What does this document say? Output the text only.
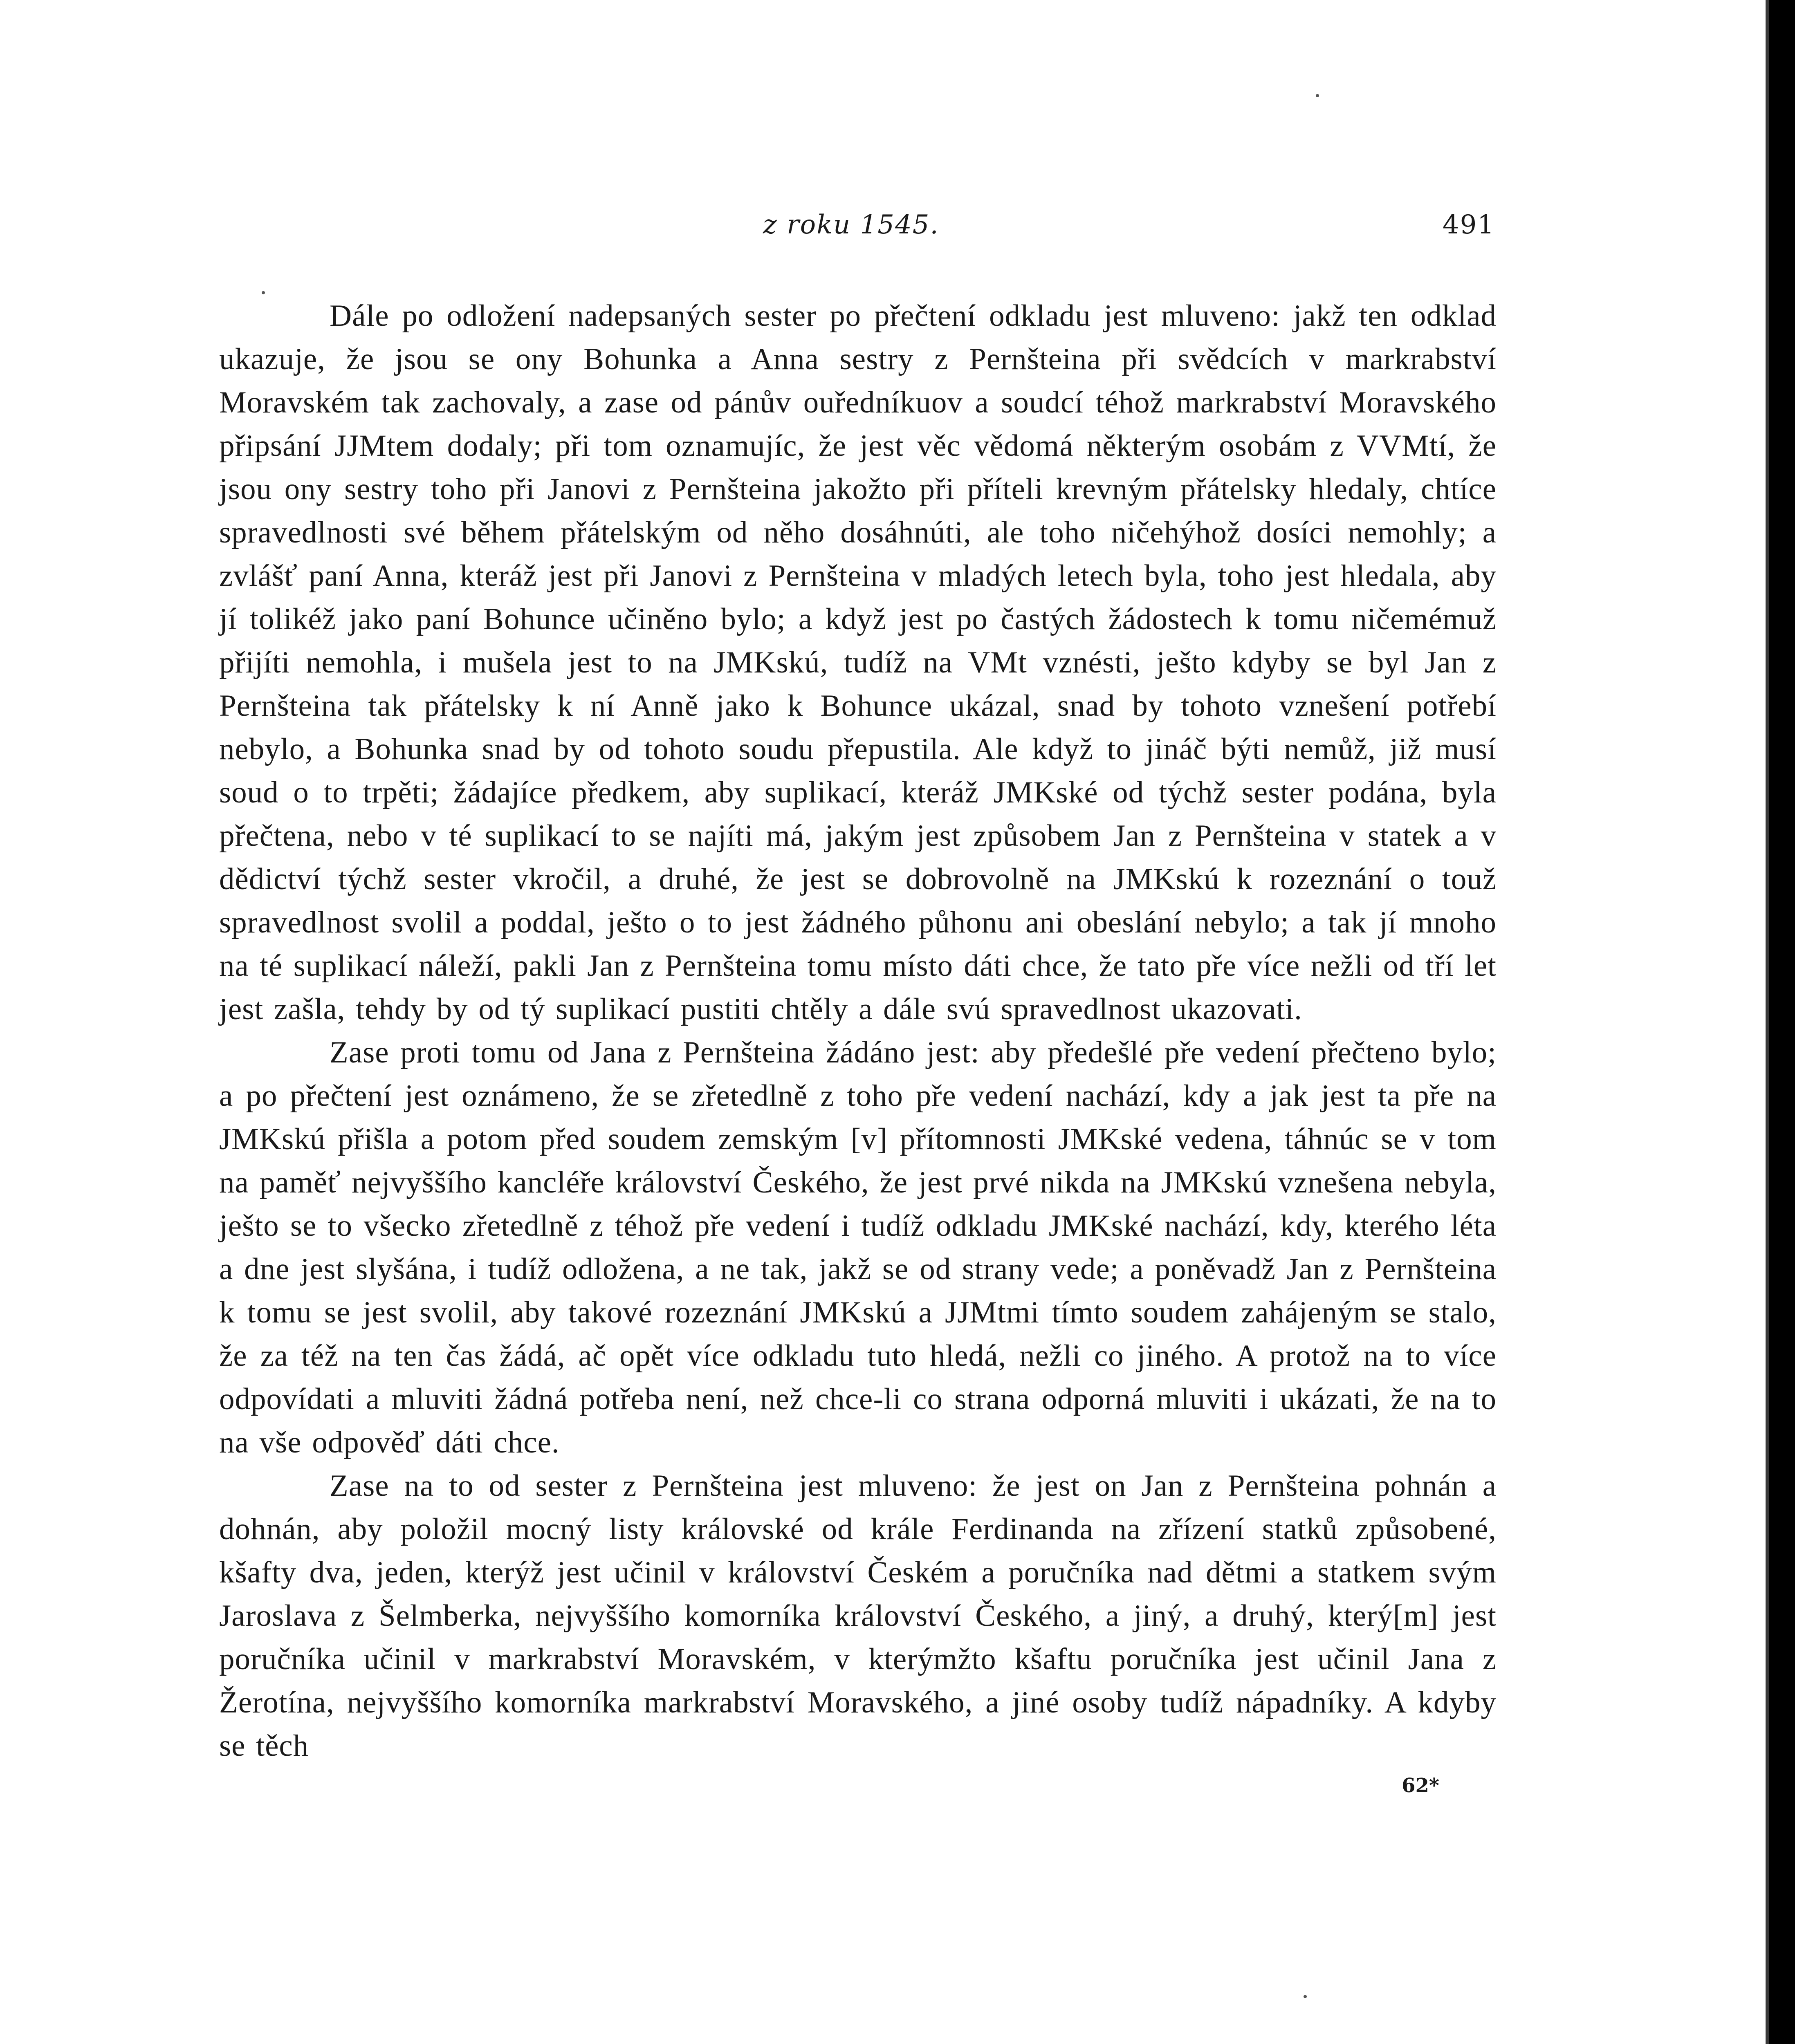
z roku 1545.	491

Dále po odložení nadepsaných sester po přečtení odkladu jest mluveno: jakž ten odklad ukazuje, že jsou se ony Bohunka a Anna sestry z Pernšteina při svědcích v markrabství Moravském tak zachovaly, a zase od pánův ouředníkuov a soudcí téhož markrabství Moravského připsání JJMtem dodaly; při tom oznamujíc, že jest věc vědomá některým osobám z VVMtí, že jsou ony sestry toho při Janovi z Pernšteina jakožto při příteli krevným přátelsky hledaly, chtíce spravedlnosti své během přátelským od něho dosáhnúti, ale toho ničehýhož dosíci nemohly; a zvlášť paní Anna, kteráž jest při Janovi z Pernšteina v mladých letech byla, toho jest hledala, aby jí tolikéž jako paní Bohunce učiněno bylo; a když jest po častých žádostech k tomu ničemémuž přijíti nemohla, i mušela jest to na JMKskú, tudíž na VMt vznésti, ješto kdyby se byl Jan z Pernšteina tak přátelsky k ní Anně jako k Bohunce ukázal, snad by tohoto vznešení potřebí nebylo, a Bohunka snad by od tohoto soudu přepustila. Ale když to jináč býti nemůž, již musí soud o to trpěti; žádajíce předkem, aby suplikací, kteráž JMKské od týchž sester podána, byla přečtena, nebo v té suplikací to se najíti má, jakým jest způsobem Jan z Pernšteina v statek a v dědictví týchž sester vkročil, a druhé, že jest se dobrovolně na JMKskú k rozeznání o touž spravedlnost svolil a poddal, ješto o to jest žádného půhonu ani obeslání nebylo; a tak jí mnoho na té suplikací náleží, pakli Jan z Pernšteina tomu místo dáti chce, že tato pře více nežli od tří let jest zašla, tehdy by od tý suplikací pustiti chtěly a dále svú spravedlnost ukazovati.

Zase proti tomu od Jana z Pernšteina žádáno jest: aby předešlé pře vedení přečteno bylo; a po přečtení jest oznámeno, že se zřetedlně z toho pře vedení nachází, kdy a jak jest ta pře na JMKskú přišla a potom před soudem zemským [v] přítomnosti JMKské vedena, táhnúc se v tom na paměť nejvyššího kancléře království Českého, že jest prvé nikda na JMKskú vznešena nebyla, ješto se to všecko zřetedlně z téhož pře vedení i tudíž odkladu JMKské nachází, kdy, kterého léta a dne jest slyšána, i tudíž odložena, a ne tak, jakž se od strany vede; a poněvadž Jan z Pernšteina k tomu se jest svolil, aby takové rozeznání JMKskú a JJMtmi tímto soudem zahájeným se stalo, že za též na ten čas žádá, ač opět více odkladu tuto hledá, nežli co jiného. A protož na to více odpovídati a mluviti žádná potřeba není, než chce-li co strana odporná mluviti i ukázati, že na to na vše odpověď dáti chce.

Zase na to od sester z Pernšteina jest mluveno: že jest on Jan z Pernšteina pohnán a dohnán, aby položil mocný listy královské od krále Ferdinanda na zřízení statků způsobené, kšafty dva, jeden, kterýž jest učinil v království Českém a poručníka nad dětmi a statkem svým Jaroslava z Šelmberka, nejvyššího komorníka království Českého, a jiný, a druhý, který[m] jest poručníka učinil v markrabství Moravském, v kterýmžto kšaftu poručníka jest učinil Jana z Žerotína, nejvyššího komorníka markrabství Moravského, a jiné osoby tudíž nápadníky. A kdyby se těch

62*
